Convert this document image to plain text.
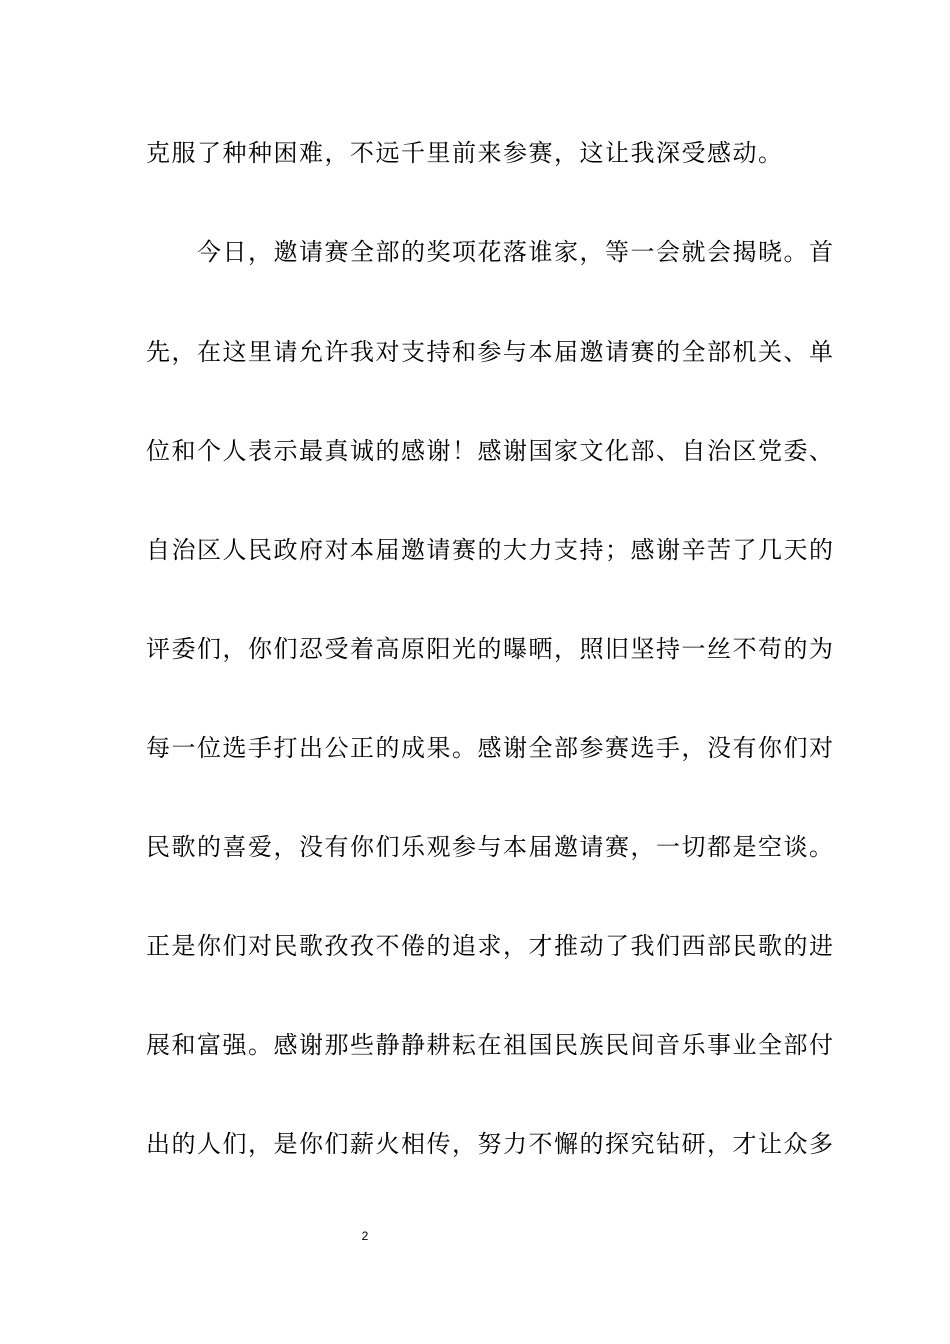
克服了种种困难，不远千里前来参赛，这让我深受感动。
　　今日，邀请赛全部的奖项花落谁家，等一会就会揭晓。首
先，在这里请允许我对支持和参与本届邀请赛的全部机关、单
位和个人表示最真诚的感谢！感谢国家文化部、自治区党委、
自治区人民政府对本届邀请赛的大力支持；感谢辛苦了几天的
评委们，你们忍受着高原阳光的曝晒，照旧坚持一丝不苟的为
每一位选手打出公正的成果。感谢全部参赛选手，没有你们对
民歌的喜爱，没有你们乐观参与本届邀请赛，一切都是空谈。
正是你们对民歌孜孜不倦的追求，才推动了我们西部民歌的进
展和富强。感谢那些静静耕耘在祖国民族民间音乐事业全部付
出的人们，是你们薪火相传，努力不懈的探究钻研，才让众多
2
